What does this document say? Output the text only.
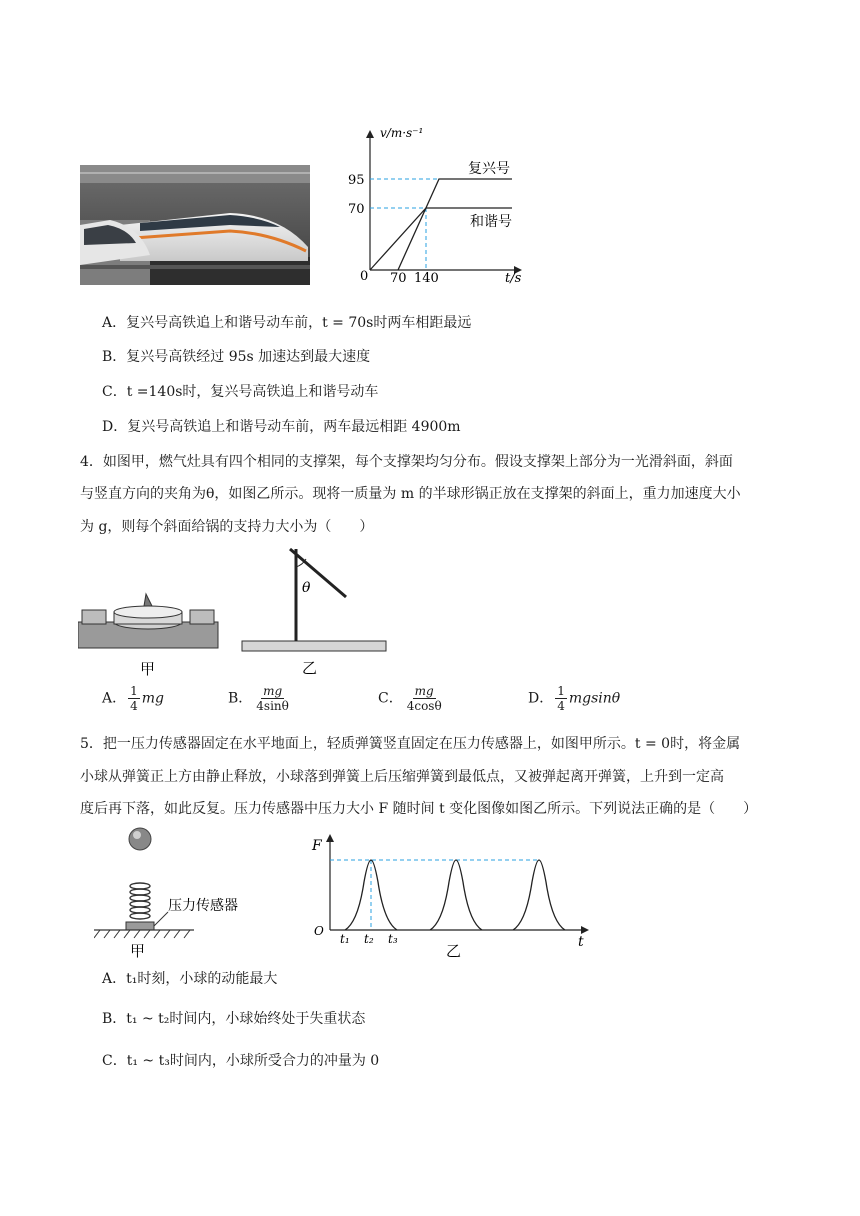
v/m·s⁻¹
t/s
0
95
70
70 140
复兴号
和谐号
A．复兴号高铁追上和谐号动车前，t = 70s时两车相距最远
B．复兴号高铁经过 95s 加速达到最大速度
C．t =140s时，复兴号高铁追上和谐号动车
D．复兴号高铁追上和谐号动车前，两车最远相距 4900m
4．如图甲，燃气灶具有四个相同的支撑架，每个支撑架均匀分布。假设支撑架上部分为一光滑斜面，斜面
与竖直方向的夹角为θ，如图乙所示。现将一质量为 m 的半球形锅正放在支撑架的斜面上，重力加速度大小
为 g，则每个斜面给锅的支持力大小为（　　）
甲
θ
乙
A． $\frac{1}{4}$ mg	B． $\frac{mg}{4\sin\theta}$	C． $\frac{mg}{4\cos\theta}$	D． $\frac{1}{4}$ mgsinθ
5．把一压力传感器固定在水平地面上，轻质弹簧竖直固定在压力传感器上，如图甲所示。t = 0时，将金属
小球从弹簧正上方由静止释放，小球落到弹簧上后压缩弹簧到最低点，又被弹起离开弹簧，上升到一定高
度后再下落，如此反复。压力传感器中压力大小 F 随时间 t 变化图像如图乙所示。下列说法正确的是（　　）
压力传感器
甲
F
t
O
t₁ t₂ t₃
乙
A．t₁时刻，小球的动能最大
B．t₁ ~ t₂时间内，小球始终处于失重状态
C．t₁ ~ t₃时间内，小球所受合力的冲量为 0
